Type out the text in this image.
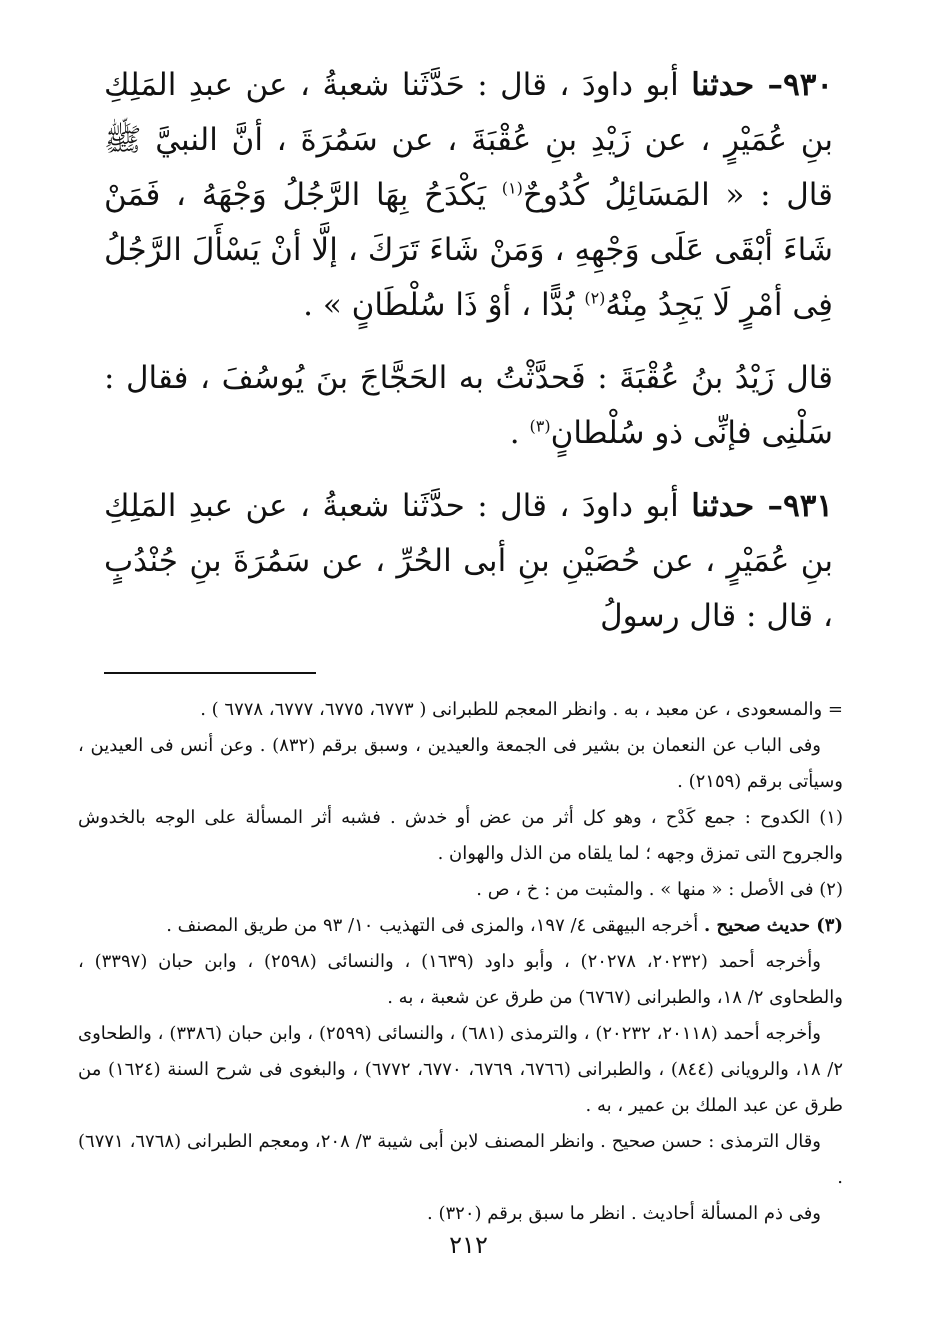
٩٣٠– حدثنا أبو داودَ ، قال : حَدَّثَنا شعبةُ ، عن عبدِ المَلِكِ بنِ عُمَيْرٍ ، عن زَيْدِ بنِ عُقْبَةَ ، عن سَمُرَةَ ، أنَّ النبيَّ ﷺ قال : « المَسَائِلُ كُدُوحٌ$^{(١)}$ يَكْدَحُ بِهَا الرَّجُلُ وَجْهَهُ ، فَمَنْ شَاءَ أبْقَى عَلَى وَجْهِهِ ، وَمَنْ شَاءَ تَرَكَ ، إلَّا أنْ يَسْأَلَ الرَّجُلُ فِى أمْرٍ لَا يَجِدُ مِنْهُ$^{(٢)}$ بُدًّا ، أوْ ذَا سُلْطَانٍ » .

قال زَيْدُ بنُ عُقْبَةَ : فَحدَّثْتُ به الحَجَّاجَ بنَ يُوسُفَ ، فقال : سَلْنِى فإنِّى ذو سُلْطانٍ$^{(٣)}$ .

٩٣١– حدثنا أبو داودَ ، قال : حدَّثَنا شعبةُ ، عن عبدِ المَلِكِ بنِ عُمَيْرٍ ، عن حُصَيْنِ بنِ أبى الحُرِّ ، عن سَمُرَةَ بنِ جُنْدُبٍ ، قال : قال رسولُ

= والمسعودى ، عن معبد ، به . وانظر المعجم للطبرانى ( ٦٧٧٣، ٦٧٧٥، ٦٧٧٧، ٦٧٧٨ ) .

وفى الباب عن النعمان بن بشير فى الجمعة والعيدين ، وسبق برقم (٨٣٢) . وعن أنس فى العيدين ، وسيأتى برقم (٢١٥٩) .

(١) الكدوح : جمع كَدْح ، وهو كل أثر من عض أو خدش . فشبه أثر المسألة على الوجه بالخدوش والجروح التى تمزق وجهه ؛ لما يلقاه من الذل والهوان .

(٢) فى الأصل : « منها » . والمثبت من : خ ، ص .

(٣) حديث صحيح . أخرجه البيهقى ٤/ ١٩٧، والمزى فى التهذيب ١٠/ ٩٣ من طريق المصنف .

وأخرجه أحمد (٢٠٢٣٢، ٢٠٢٧٨) ، وأبو داود (١٦٣٩) ، والنسائى (٢٥٩٨) ، وابن حبان (٣٣٩٧) ، والطحاوى ٢/ ١٨، والطبرانى (٦٧٦٧) من طرق عن شعبة ، به .

وأخرجه أحمد (٢٠١١٨، ٢٠٢٣٢) ، والترمذى (٦٨١) ، والنسائى (٢٥٩٩) ، وابن حبان (٣٣٨٦) ، والطحاوى ٢/ ١٨، والرويانى (٨٤٤) ، والطبرانى (٦٧٦٦، ٦٧٦٩، ٦٧٧٠، ٦٧٧٢) ، والبغوى فى شرح السنة (١٦٢٤) من طرق عن عبد الملك بن عمير ، به .

وقال الترمذى : حسن صحيح . وانظر المصنف لابن أبى شيبة ٣/ ٢٠٨، ومعجم الطبرانى (٦٧٦٨، ٦٧٧١) .

وفى ذم المسألة أحاديث . انظر ما سبق برقم (٣٢٠) .

٢١٢
